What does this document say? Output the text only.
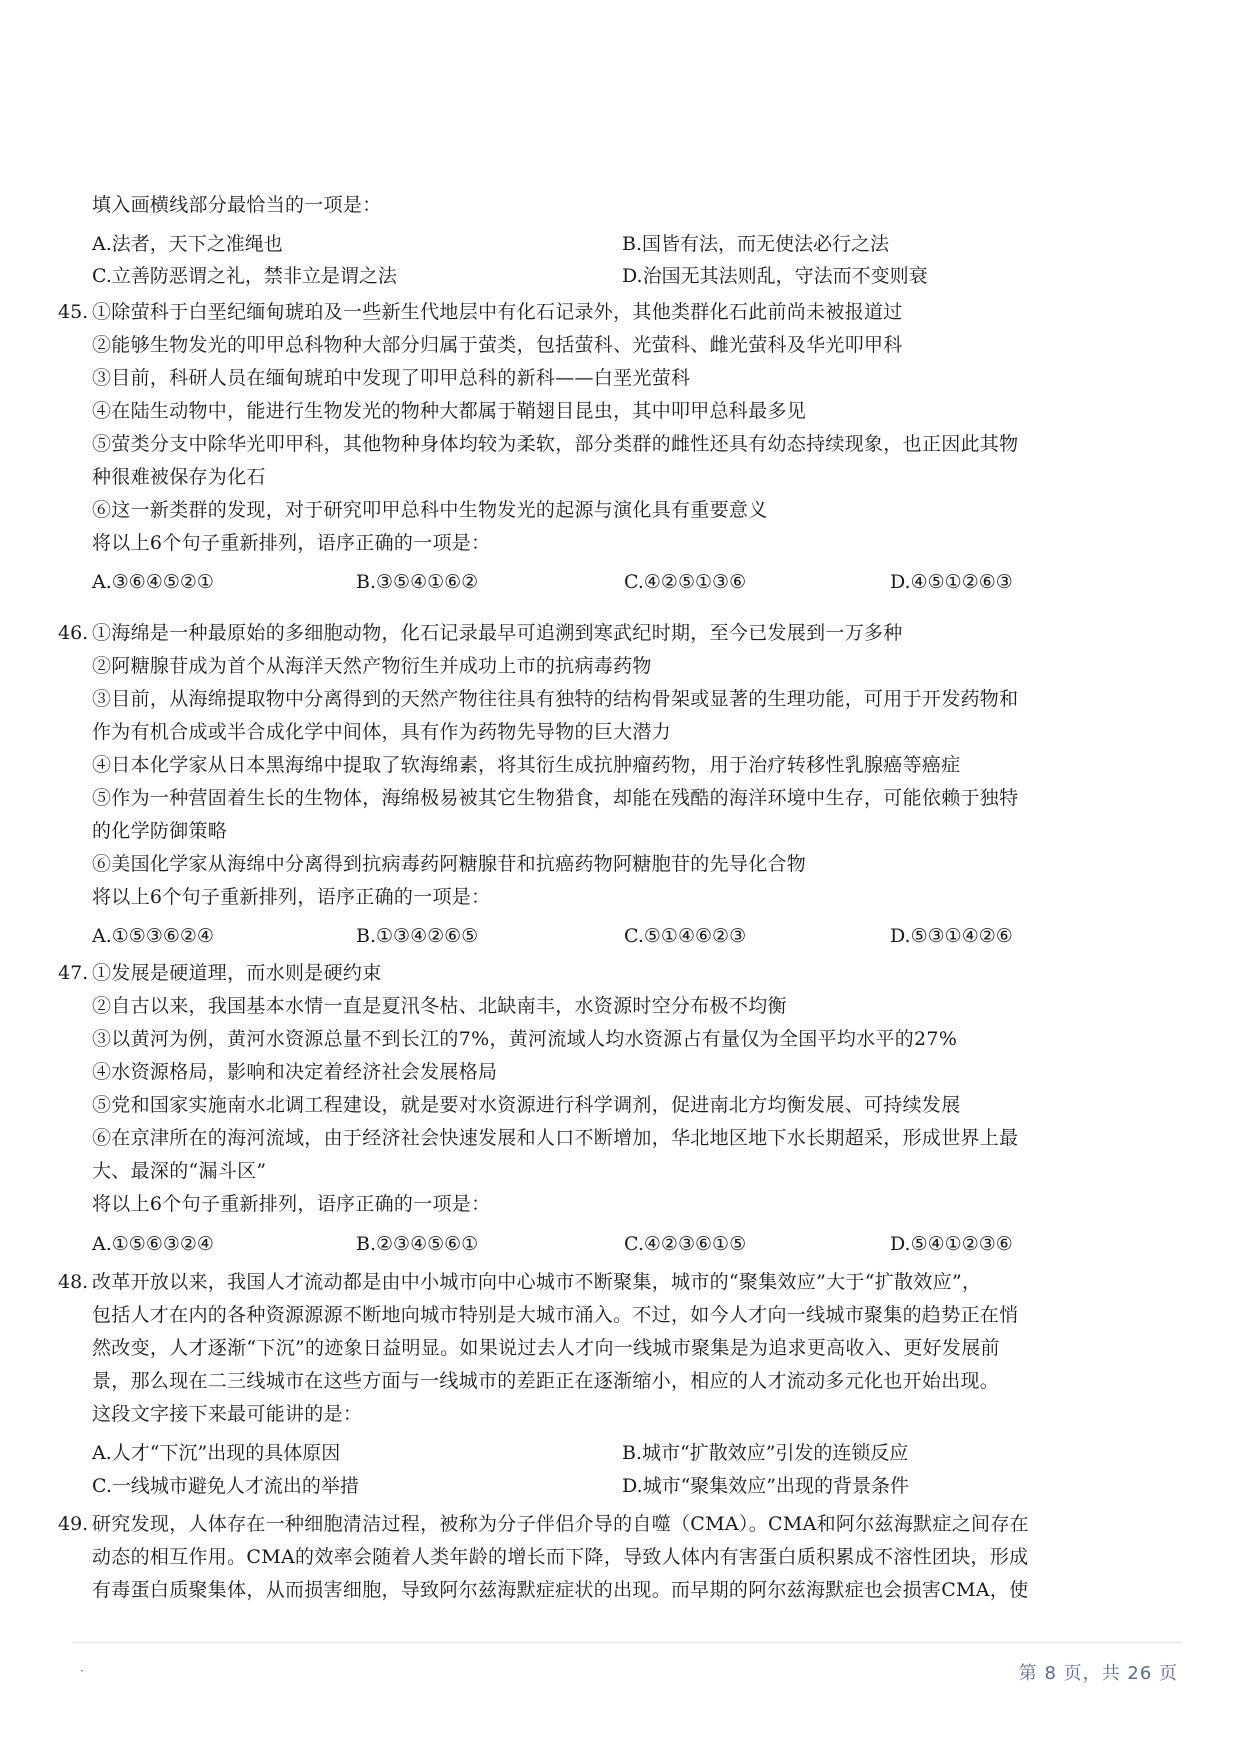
填入画横线部分最恰当的一项是：
A.法者，天下之准绳也	B.国皆有法，而无使法必行之法
C.立善防恶谓之礼，禁非立是谓之法	D.治国无其法则乱，守法而不变则衰
45. ①除萤科于白垩纪缅甸琥珀及一些新生代地层中有化石记录外，其他类群化石此前尚未被报道过
②能够生物发光的叩甲总科物种大部分归属于萤类，包括萤科、光萤科、雌光萤科及华光叩甲科
③目前，科研人员在缅甸琥珀中发现了叩甲总科的新科——白垩光萤科
④在陆生动物中，能进行生物发光的物种大都属于鞘翅目昆虫，其中叩甲总科最多见
⑤萤类分支中除华光叩甲科，其他物种身体均较为柔软，部分类群的雌性还具有幼态持续现象，也正因此其物
种很难被保存为化石
⑥这一新类群的发现，对于研究叩甲总科中生物发光的起源与演化具有重要意义
将以上6个句子重新排列，语序正确的一项是：
A.③⑥④⑤②①	B.③⑤④①⑥②	C.④②⑤①③⑥	D.④⑤①②⑥③
46. ①海绵是一种最原始的多细胞动物，化石记录最早可追溯到寒武纪时期，至今已发展到一万多种
②阿糖腺苷成为首个从海洋天然产物衍生并成功上市的抗病毒药物
③目前，从海绵提取物中分离得到的天然产物往往具有独特的结构骨架或显著的生理功能，可用于开发药物和
作为有机合成或半合成化学中间体，具有作为药物先导物的巨大潜力
④日本化学家从日本黑海绵中提取了软海绵素，将其衍生成抗肿瘤药物，用于治疗转移性乳腺癌等癌症
⑤作为一种营固着生长的生物体，海绵极易被其它生物猎食，却能在残酷的海洋环境中生存，可能依赖于独特
的化学防御策略
⑥美国化学家从海绵中分离得到抗病毒药阿糖腺苷和抗癌药物阿糖胞苷的先导化合物
将以上6个句子重新排列，语序正确的一项是：
A.①⑤③⑥②④	B.①③④②⑥⑤	C.⑤①④⑥②③	D.⑤③①④②⑥
47. ①发展是硬道理，而水则是硬约束
②自古以来，我国基本水情一直是夏汛冬枯、北缺南丰，水资源时空分布极不均衡
③以黄河为例，黄河水资源总量不到长江的7%，黄河流域人均水资源占有量仅为全国平均水平的27%
④水资源格局，影响和决定着经济社会发展格局
⑤党和国家实施南水北调工程建设，就是要对水资源进行科学调剂，促进南北方均衡发展、可持续发展
⑥在京津所在的海河流域，由于经济社会快速发展和人口不断增加，华北地区地下水长期超采，形成世界上最
大、最深的“漏斗区”
将以上6个句子重新排列，语序正确的一项是：
A.①⑤⑥③②④	B.②③④⑤⑥①	C.④②③⑥①⑤	D.⑤④①②③⑥
48. 改革开放以来，我国人才流动都是由中小城市向中心城市不断聚集，城市的“聚集效应”大于“扩散效应”，
包括人才在内的各种资源源源不断地向城市特别是大城市涌入。不过，如今人才向一线城市聚集的趋势正在悄
然改变，人才逐渐“下沉”的迹象日益明显。如果说过去人才向一线城市聚集是为追求更高收入、更好发展前
景，那么现在二三线城市在这些方面与一线城市的差距正在逐渐缩小，相应的人才流动多元化也开始出现。
这段文字接下来最可能讲的是：
A.人才“下沉”出现的具体原因	B.城市“扩散效应”引发的连锁反应
C.一线城市避免人才流出的举措	D.城市“聚集效应”出现的背景条件
49. 研究发现，人体存在一种细胞清洁过程，被称为分子伴侣介导的自噬（CMA）。CMA和阿尔兹海默症之间存在
动态的相互作用。CMA的效率会随着人类年龄的增长而下降，导致人体内有害蛋白质积累成不溶性团块，形成
有毒蛋白质聚集体，从而损害细胞，导致阿尔兹海默症症状的出现。而早期的阿尔兹海默症也会损害CMA，使
·	第 8 页，共 26 页
